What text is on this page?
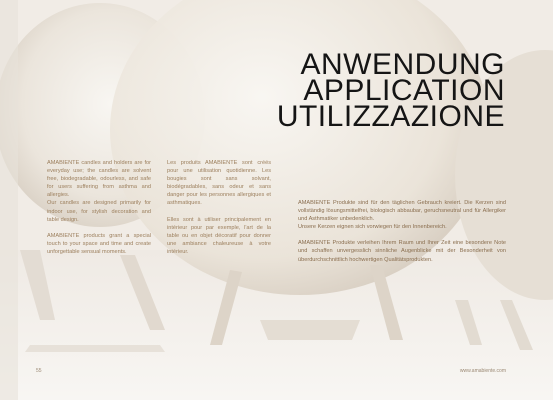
ANWENDUNG
APPLICATION
UTILIZZAZIONE

AMABIENTE candles and holders are for everyday use; the candles are solvent free, biodegradable, odourless, and safe for users suffering from asthma and allergies.
Our candles are designed primarily for indoor use, for stylish decoration and table design.

AMABIENTE products grant a special touch to your space and time and create unforgettable sensual moments.

Les produits AMABIENTE sont créés pour une utilisation quotidienne. Les bougies sont sans solvant, biodégradables, sans odeur et sans danger pour les personnes allergiques et asthmatiques.

Elles sont à utiliser principalement en intérieur pour par exemple, l'art de la table ou en objet décoratif pour donner une ambiance chaleureuse à votre intérieur.

AMABIENTE Produkte sind für den täglichen Gebrauch kreiert. Die Kerzen sind vollständig lösungsmittelfrei, biologisch abbaubar, geruchsneutral und für Allergiker und Asthmatiker unbedenklich.
Unsere Kerzen eignen sich vorwiegen für den Innenbereich.

AMABIENTE Produkte verleihen Ihrem Raum und Ihrer Zeit eine besondere Note und schaffen unvergesslich sinnliche Augenblicke mit der Besonderheit von überdurchschnittlich hochwertigen Qualitätsprodukten.

55	www.amabiente.com
